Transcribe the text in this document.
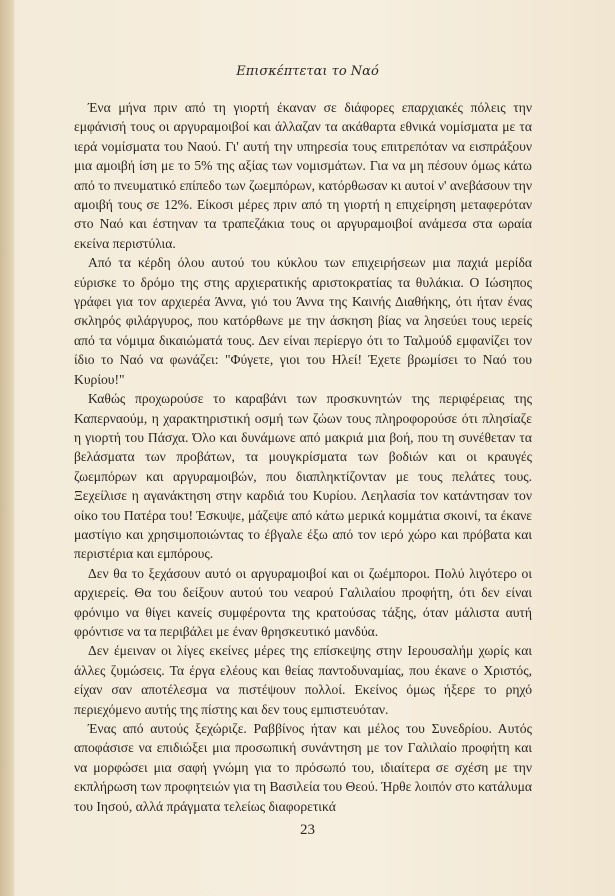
Επισκέπτεται το Ναό

Ένα μήνα πριν από τη γιορτή έκαναν σε διάφορες επαρχιακές πόλεις την εμφάνισή τους οι αργυραμοιβοί και άλλαζαν τα ακάθαρτα εθνικά νομίσματα με τα ιερά νομίσματα του Ναού. Γι' αυτή την υπηρεσία τους επιτρεπόταν να εισπράξουν μια αμοιβή ίση με το 5% της αξίας των νομισμάτων. Για να μη πέσουν όμως κάτω από το πνευματικό επίπεδο των ζωεμπόρων, κατόρθωσαν κι αυτοί ν' ανεβάσουν την αμοιβή τους σε 12%. Είκοσι μέρες πριν από τη γιορτή η επιχείρηση μεταφερόταν στο Ναό και έστηναν τα τραπεζάκια τους οι αργυραμοιβοί ανάμεσα στα ωραία εκείνα περιστύλια.

Από τα κέρδη όλου αυτού του κύκλου των επιχειρήσεων μια παχιά μερίδα εύρισκε το δρόμο της στης αρχιερατικής αριστοκρατίας τα θυλάκια. Ο Ιώσηπος γράφει για τον αρχιερέα Άννα, γιό του Άννα της Καινής Διαθήκης, ότι ήταν ένας σκληρός φιλάργυρος, που κατόρθωνε με την άσκηση βίας να λησεύει τους ιερείς από τα νόμιμα δικαιώματά τους. Δεν είναι περίεργο ότι το Ταλμούδ εμφανίζει τον ίδιο το Ναό να φωνάζει: "Φύγετε, γιοι του Ηλεί! Έχετε βρωμίσει το Ναό του Κυρίου!"

Καθώς προχωρούσε το καραβάνι των προσκυνητών της περιφέρειας της Καπερναούμ, η χαρακτηριστική οσμή των ζώων τους πληροφορούσε ότι πλησίαζε η γιορτή του Πάσχα. Όλο και δυνάμωνε από μακριά μια βοή, που τη συνέθεταν τα βελάσματα των προβάτων, τα μουγκρίσματα των βοδιών και οι κραυγές ζωεμπόρων και αργυραμοιβών, που διαπληκτίζονταν με τους πελάτες τους. Ξεχείλισε η αγανάκτηση στην καρδιά του Κυρίου. Λεηλασία τον κατάντησαν τον οίκο του Πατέρα του! Έσκυψε, μάζεψε από κάτω μερικά κομμάτια σκοινί, τα έκανε μαστίγιο και χρησιμοποιώντας το έβγαλε έξω από τον ιερό χώρο και πρόβατα και περιστέρια και εμπόρους.

Δεν θα το ξεχάσουν αυτό οι αργυραμοιβοί και οι ζωέμποροι. Πολύ λιγότερο οι αρχιερείς. Θα του δείξουν αυτού του νεαρού Γαλιλαίου προφήτη, ότι δεν είναι φρόνιμο να θίγει κανείς συμφέροντα της κρατούσας τάξης, όταν μάλιστα αυτή φρόντισε να τα περιβάλει με έναν θρησκευτικό μανδύα.

Δεν έμειναν οι λίγες εκείνες μέρες της επίσκεψης στην Ιερουσαλήμ χωρίς και άλλες ζυμώσεις. Τα έργα ελέους και θείας παντοδυναμίας, που έκανε ο Χριστός, είχαν σαν αποτέλεσμα να πιστέψουν πολλοί. Εκείνος όμως ήξερε το ρηχό περιεχόμενο αυτής της πίστης και δεν τους εμπιστευόταν.

Ένας από αυτούς ξεχώριζε. Ραββίνος ήταν και μέλος του Συνεδρίου. Αυτός αποφάσισε να επιδιώξει μια προσωπική συνάντηση με τον Γαλιλαίο προφήτη και να μορφώσει μια σαφή γνώμη για το πρόσωπό του, ιδιαίτερα σε σχέση με την εκπλήρωση των προφητειών για τη Βασιλεία του Θεού. Ήρθε λοιπόν στο κατάλυμα του Ιησού, αλλά πράγματα τελείως διαφορετικά

23
